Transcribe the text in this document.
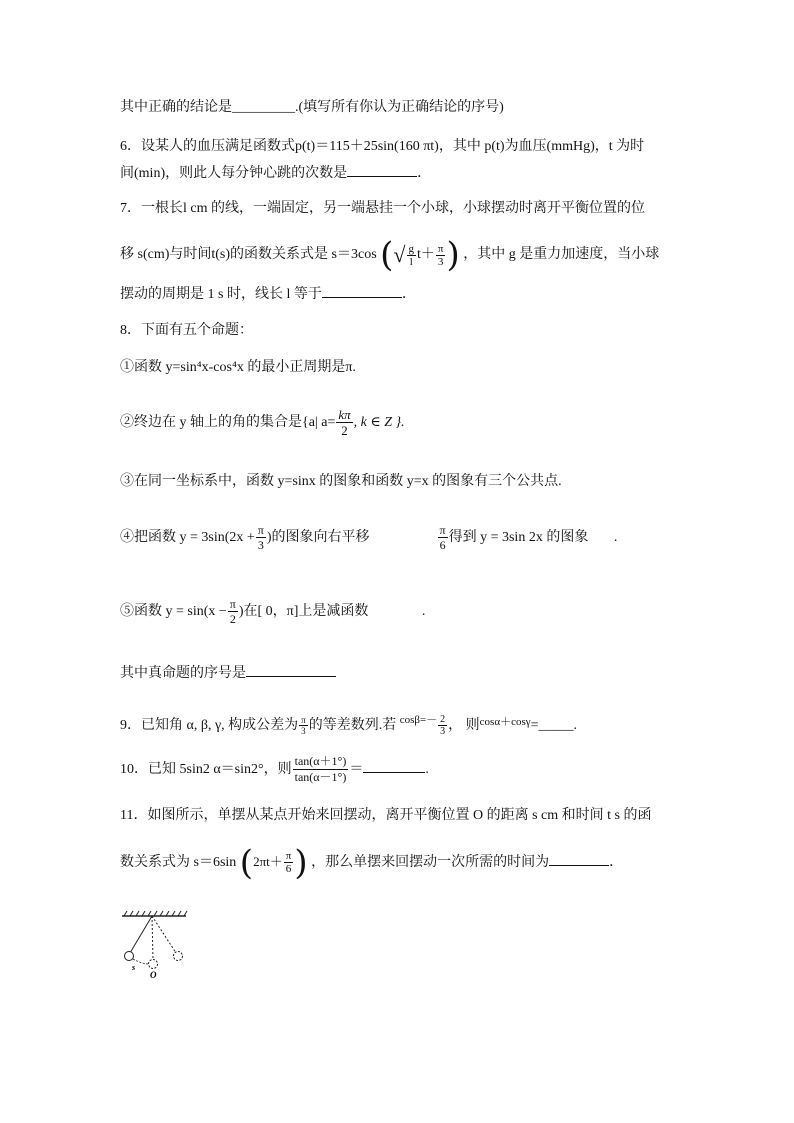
其中正确的结论是_________.(填写所有你认为正确结论的序号)
6．设某人的血压满足函数式p(t)＝115＋25sin(160 πt)，其中 p(t)为血压(mmHg)，t 为时
间(min)，则此人每分钟心跳的次数是	．
7．一根长l cm 的线，一端固定，另一端悬挂一个小球，小球摆动时离开平衡位置的位
移 s(cm)与时间t(s)的函数关系式是 s＝3cos (√ $\frac{g}{l} t+ \frac{\pi}{3}$ ) ，其中 g 是重力加速度，当小球
摆动的周期是 1 s 时，线长 l 等于	．
8．下面有五个命题：
①函数 y=sin⁴x-cos⁴x 的最小正周期是π.
②终边在 y 轴上的角的集合是{a| $a= \frac{k\pi}{2}$ , k ∈ Z }.
③在同一坐标系中，函数 y=sinx 的图象和函数 y=x 的图象有三个公共点.
④把函数 $y = 3\sin(2x + \frac{\pi}{3}$ )的图象向右平移	$\frac{\pi}{6}$ 得到 y = 3sin 2x 的图象 .
⑤函数 $y = \sin(x - \frac{\pi}{2}$ )在[ 0，π]上是减函数	.
其中真命题的序号是
9．已知角 α, β, γ, 构成公差为 $\frac{\pi}{3}$ 的等差数列.若 $^{cos\beta=-} \frac{2}{3}$ ， 则$^{cos\alpha+cos\gamma}$=_____.
10．已知 5sin2 α＝sin2°，则 $\frac{\tan(\alpha+1^\circ)}{\tan(\alpha-1^\circ)}$ ＝	.
11．如图所示，单摆从某点开始来回摆动，离开平衡位置 O 的距离 s cm 和时间 t s 的函
数关系式为 s＝6sin ($2\pi t+ \frac{\pi}{6}$ ) ，那么单摆来回摆动一次所需的时间为	．
s
O
